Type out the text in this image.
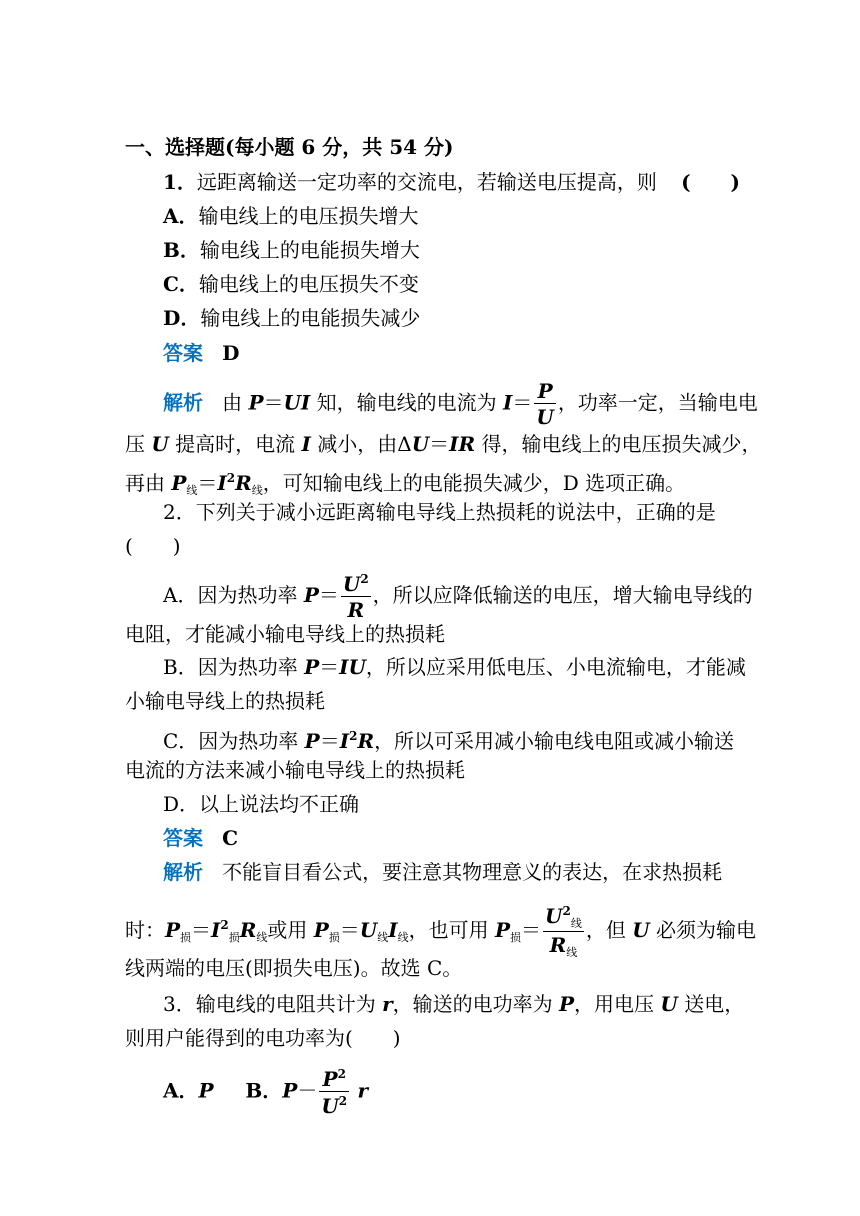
一、选择题(每小题 6 分，共 54 分)
1．远距离输送一定功率的交流电，若输送电压提高，则 (　　)
A．输电线上的电压损失增大
B．输电线上的电能损失增大
C．输电线上的电压损失不变
D．输电线上的电能损失减少
答案 D
解析 由 P＝UI 知，输电线的电流为 $I= \frac{P}{U}$ ，功率一定，当输电电
压 U 提高时，电流 I 减小，由ΔU＝IR 得，输电线上的电压损失减少，
再由 $P_线=I^2R_线$，可知输电线上的电能损失减少，D 选项正确。
2．下列关于减小远距离输电导线上热损耗的说法中，正确的是
(　　)
A．因为热功率 $P= \frac{U^2}{R}$ ，所以应降低输送的电压，增大输电导线的
电阻，才能减小输电导线上的热损耗
B．因为热功率 P＝IU，所以应采用低电压、小电流输电，才能减
小输电导线上的热损耗
C．因为热功率 $P=I^2R$，所以可采用减小输电线电阻或减小输送
电流的方法来减小输电导线上的热损耗
D．以上说法均不正确
答案 C
解析 不能盲目看公式，要注意其物理意义的表达，在求热损耗
时：$P_损=I^2_损R_线$或用 $P_损=U_线I_线$，也可用 $P_损= \frac{U^2_线}{R_线}$ ，但 U 必须为输电
线两端的电压(即损失电压)。故选 C。
3．输电线的电阻共计为 r，输送的电功率为 P，用电压 U 送电，
则用户能得到的电功率为(　　)
A．P B．$P- \frac{P^2}{U^2}$ r
